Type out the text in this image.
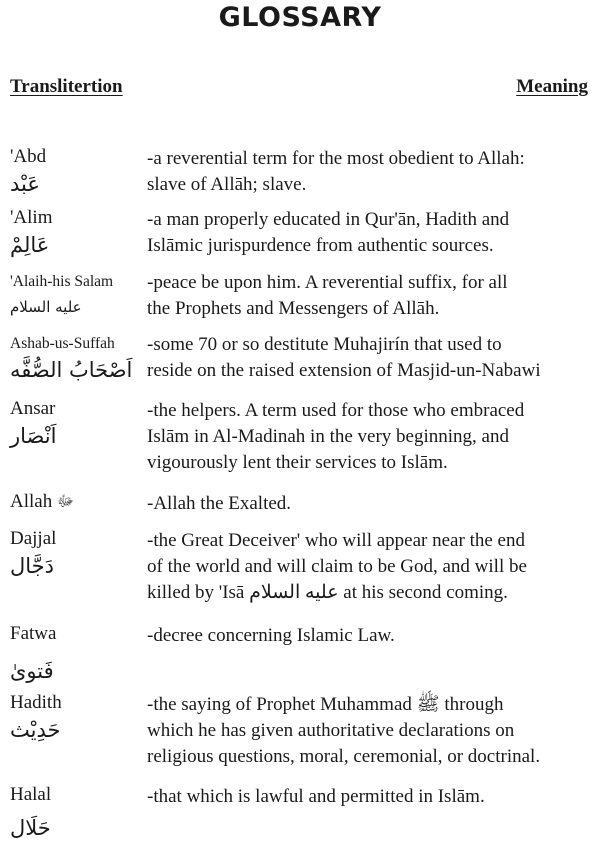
GLOSSARY
Translitertion	Meaning
'Abd
عَبْد
-a reverential term for the most obedient to Allah:
slave of Allāh; slave.
'Alim
عَالِمْ
-a man properly educated in Qur'ān, Hadith and
Islāmic jurispurdence from authentic sources.
'Alaih-his Salam
عليه السلام
-peace be upon him. A reverential suffix, for all
the Prophets and Messengers of Allāh.
Ashab-us-Suffah
اَصْحَابُ الصُّفَّه
-some 70 or so destitute Muhajirín that used to
reside on the raised extension of Masjid-un-Nabawi
Ansar
اَنْصَار
-the helpers. A term used for those who embraced
Islām in Al-Madinah in the very beginning, and
vigourously lent their services to Islām.
Allah ﷻ	-Allah the Exalted.
Dajjal
دَجَّال
-the Great Deceiver' who will appear near the end
of the world and will claim to be God, and will be
killed by 'Isā عليه السلام at his second coming.
Fatwa
فَتوىٰ
-decree concerning Islamic Law.
Hadith
حَدِيْث
-the saying of Prophet Muhammad ﷺ through
which he has given authoritative declarations on
religious questions, moral, ceremonial, or doctrinal.
Halal
حَلَال
-that which is lawful and permitted in Islām.
